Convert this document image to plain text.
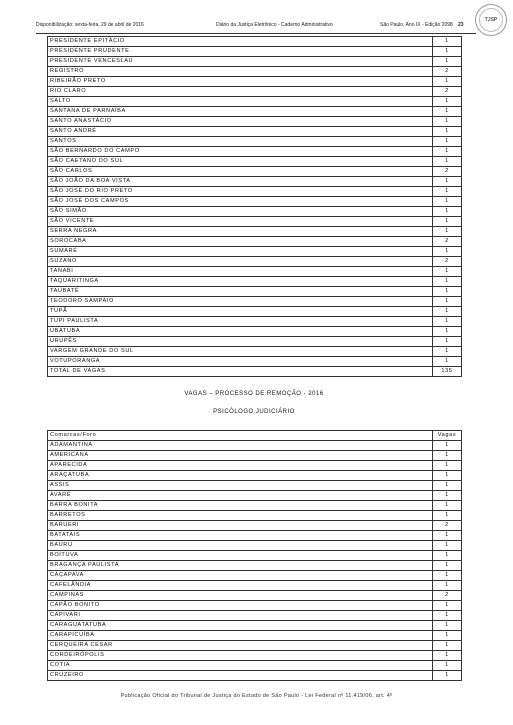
Disponibilização: sexta-feira, 29 de abril de 2016	Diário da Justiça Eletrônico - Caderno Administrativo	São Paulo, Ano IX - Edição 2098 23
TJSP
PRESIDENTE EPITÁCIO	1
PRESIDENTE PRUDENTE	1
PRESIDENTE VENCESLAU	1
REGISTRO	2
RIBEIRÃO PRETO	1
RIO CLARO	2
SALTO	1
SANTANA DE PARNAÍBA	1
SANTO ANASTÁCIO	1
SANTO ANDRÉ	1
SANTOS	1
SÃO BERNARDO DO CAMPO	1
SÃO CAETANO DO SUL	1
SÃO CARLOS	2
SÃO JOÃO DA BOA VISTA	1
SÃO JOSÉ DO RIO PRETO	1
SÃO JOSÉ DOS CAMPOS	1
SÃO SIMÃO	1
SÃO VICENTE	1
SERRA NEGRA	1
SOROCABA	2
SUMARÉ	1
SUZANO	2
TANABI	1
TAQUARITINGA	1
TAUBATÉ	1
TEODORO SAMPAIO	1
TUPÃ	1
TUPI PAULISTA	1
UBATUBA	1
URUPÊS	1
VARGEM GRANDE DO SUL	1
VOTUPORANGA	1
TOTAL DE VAGAS	135
VAGAS – PROCESSO DE REMOÇÃO - 2016
PSICÓLOGO JUDICIÁRIO
Comarcas/Foro	Vagas
ADAMANTINA	1
AMERICANA	1
APARECIDA	1
ARAÇATUBA	1
ASSIS	1
AVARÉ	1
BARRA BONITA	1
BARRETOS	1
BARUERI	2
BATATAIS	1
BAURU	1
BOITUVA	1
BRAGANÇA PAULISTA	1
CAÇAPAVA	1
CAFELÂNDIA	1
CAMPINAS	2
CAPÃO BONITO	1
CAPIVARI	1
CARAGUATATUBA	1
CARAPICUÍBA	1
CERQUEIRA CESAR	1
CORDEIRÓPOLIS	1
COTIA	1
CRUZEIRO	1
Publicação Oficial do Tribunal de Justiça do Estado de São Paulo - Lei Federal nº 11.419/06, art. 4º
